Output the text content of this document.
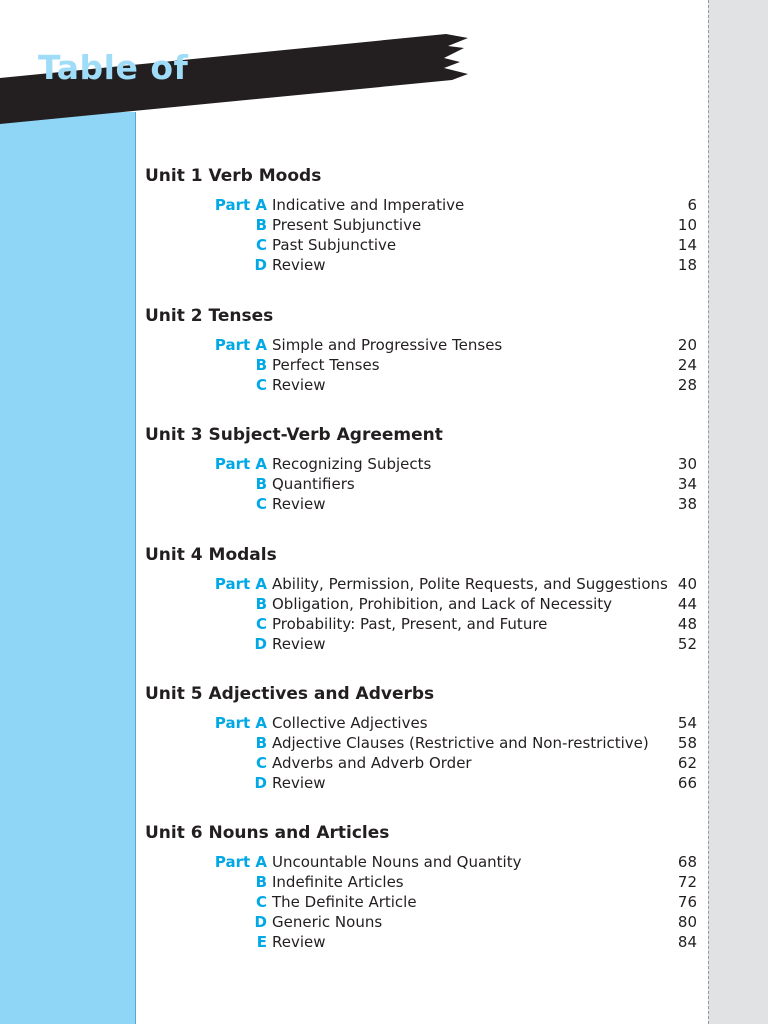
Table of
Unit 1 Verb Moods
Part A Indicative and Imperative	6
B Present Subjunctive	10
C Past Subjunctive	14
D Review	18
Unit 2 Tenses
Part A Simple and Progressive Tenses	20
B Perfect Tenses	24
C Review	28
Unit 3 Subject-Verb Agreement
Part A Recognizing Subjects	30
B Quantifiers	34
C Review	38
Unit 4 Modals
Part A Ability, Permission, Polite Requests, and Suggestions 40
B Obligation, Prohibition, and Lack of Necessity	44
C Probability: Past, Present, and Future	48
D Review	52
Unit 5 Adjectives and Adverbs
Part A Collective Adjectives	54
B Adjective Clauses (Restrictive and Non-restrictive) 58
C Adverbs and Adverb Order	62
D Review	66
Unit 6 Nouns and Articles
Part A Uncountable Nouns and Quantity	68
B Indefinite Articles	72
C The Definite Article	76
D Generic Nouns	80
E Review	84
